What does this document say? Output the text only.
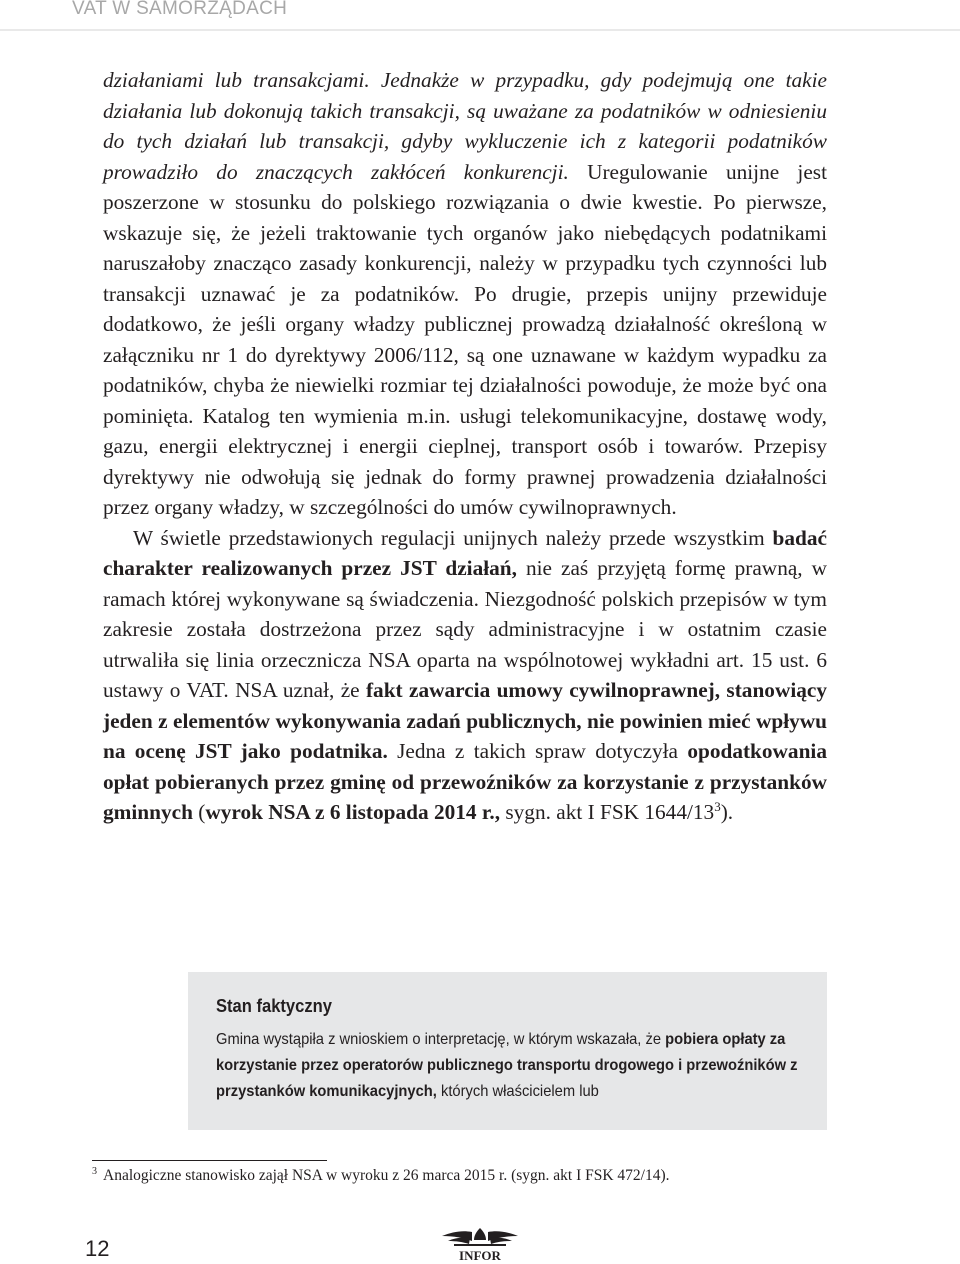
VAT W SAMORZĄDACH

działaniami lub transakcjami. Jednakże w przypadku, gdy podejmują one takie działania lub dokonują takich transakcji, są uważane za podatników w odniesieniu do tych działań lub transakcji, gdyby wykluczenie ich z kategorii podatników prowadziło do znaczących zakłóceń konkurencji. Uregulowanie unijne jest poszerzone w stosunku do polskiego rozwiązania o dwie kwestie. Po pierwsze, wskazuje się, że jeżeli traktowanie tych organów jako niebędących podatnikami naruszałoby znacząco zasady konkurencji, należy w przypadku tych czynności lub transakcji uznawać je za podatników. Po drugie, przepis unijny przewiduje dodatkowo, że jeśli organy władzy publicznej prowadzą działalność określoną w załączniku nr 1 do dyrektywy 2006/112, są one uznawane w każdym wypadku za podatników, chyba że niewielki rozmiar tej działalności powoduje, że może być ona pominięta. Katalog ten wymienia m.in. usługi telekomunikacyjne, dostawę wody, gazu, energii elektrycznej i energii cieplnej, transport osób i towarów. Przepisy dyrektywy nie odwołują się jednak do formy prawnej prowadzenia działalności przez organy władzy, w szczególności do umów cywilnoprawnych.

W świetle przedstawionych regulacji unijnych należy przede wszystkim badać charakter realizowanych przez JST działań, nie zaś przyjętą formę prawną, w ramach której wykonywane są świadczenia. Niezgodność polskich przepisów w tym zakresie została dostrzeżona przez sądy administracyjne i w ostatnim czasie utrwaliła się linia orzecznicza NSA oparta na wspólnotowej wykładni art. 15 ust. 6 ustawy o VAT. NSA uznał, że fakt zawarcia umowy cywilnoprawnej, stanowiący jeden z elementów wykonywania zadań publicznych, nie powinien mieć wpływu na ocenę JST jako podatnika. Jedna z takich spraw dotyczyła opodatkowania opłat pobieranych przez gminę od przewoźników za korzystanie z przystanków gminnych (wyrok NSA z 6 listopada 2014 r., sygn. akt I FSK $1644/13^3$).

Stan faktyczny

Gmina wystąpiła z wnioskiem o interpretację, w którym wskazała, że pobiera opłaty za korzystanie przez operatorów publicznego transportu drogowego i przewoźników z przystanków komunikacyjnych, których właścicielem lub

$^3$ Analogiczne stanowisko zajął NSA w wyroku z 26 marca 2015 r. (sygn. akt I FSK 472/14).
12	INFOR
